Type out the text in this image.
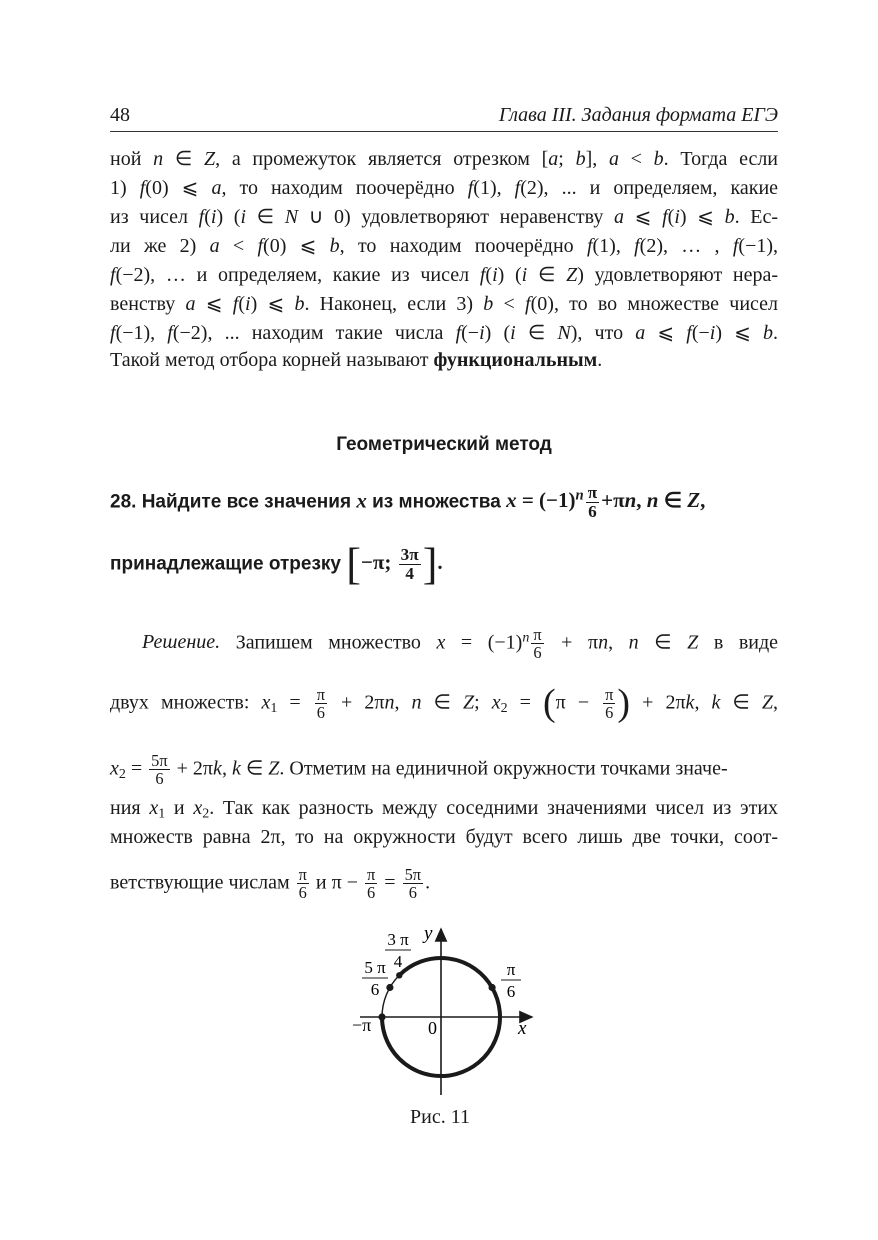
48	Глава III. Задания формата ЕГЭ
ной n ∈ Z, а промежуток является отрезком [a; b], a < b. Тогда если
1) f(0) ⩽ a, то находим поочерёдно f(1), f(2), ... и определяем, какие
из чисел f(i) (i ∈ N ∪ 0) удовлетворяют неравенству a ⩽ f(i) ⩽ b. Ес-
ли же 2) a < f(0) ⩽ b, то находим поочерёдно f(1), f(2), … , f(−1),
f(−2), … и определяем, какие из чисел f(i) (i ∈ Z) удовлетворяют нера-
венству a ⩽ f(i) ⩽ b. Наконец, если 3) b < f(0), то во множестве чисел
f(−1), f(−2), ... находим такие числа f(−i) (i ∈ N), что a ⩽ f(−i) ⩽ b.
Такой метод отбора корней называют функциональным.
Геометрический метод
28. Найдите все значения x из множества $x = (-1)^n \frac{\pi}{6} +\pi n$, n ∈ Z,
принадлежащие отрезку [−π; $\frac{3\pi}{4}$ ].
Решение. Запишем множество $x = (-1)^n \frac{\pi}{6} + \pi n$, n ∈ Z в виде
двух множеств: $x_1 = \frac{\pi}{6} + 2\pi n$, n ∈ Z; $x_2 = (\pi - \frac{\pi}{6}$ ) + 2πk, k ∈ Z,
$x_2 = \frac{5\pi}{6} + 2\pi k$, k ∈ Z. Отметим на единичной окружности точками значе-
ния $x_1$ и $x_2$. Так как разность между соседними значениями чисел из этих
множеств равна 2π, то на окружности будут всего лишь две точки, соот-
ветствующие числам $\frac{\pi}{6}$ и $\pi - \frac{\pi}{6} = \frac{5\pi}{6}$ .
y
x
0
π
6
5 π
6
3 π
4
−π
Рис. 11
